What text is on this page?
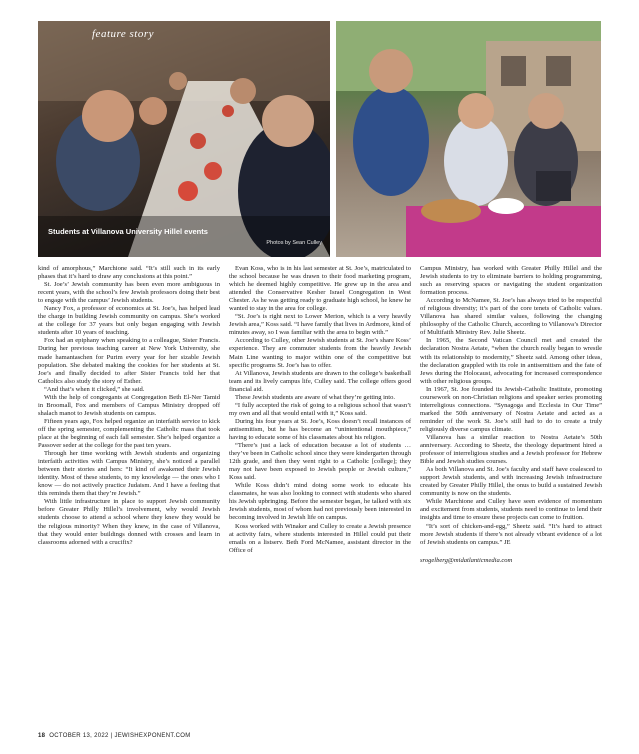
feature story
Students at Villanova University Hillel events
Photos by Sean Culley

kind of amorphous,” Marchione said. “It’s still such in its early phases that it’s hard to draw any conclusions at this point.”

St. Joe’s’ Jewish community has been even more ambiguous in recent years, with the school’s few Jewish professors doing their best to engage with the campus’ Jewish students.

Nancy Fox, a professor of economics at St. Joe’s, has helped lead the charge in building Jewish community on campus. She’s worked at the college for 37 years but only began engaging with Jewish students after 10 years of teaching.

Fox had an epiphany when speaking to a colleague, Sister Francis. During her previous teaching career at New York University, she made hamantaschen for Purim every year for her sizable Jewish population. She debated making the cookies for her students at St. Joe’s and finally decided to after Sister Francis told her that Catholics also study the story of Esther.

“And that’s when it clicked,” she said.

With the help of congregants at Congregation Beth El-Ner Tamid in Broomall, Fox and members of Campus Ministry dropped off shalach manot to Jewish students on campus.

Fifteen years ago, Fox helped organize an interfaith service to kick off the spring semester, complementing the Catholic mass that took place at the beginning of each fall semester. She’s helped organize a Passover seder at the college for the past ten years.

Through her time working with Jewish students and organizing interfaith activities with Campus Ministry, she’s noticed a parallel between their stories and hers: “It kind of awakened their Jewish identity. Most of these students, to my knowledge — the ones who I know — do not actively practice Judaism. And I have a feeling that this reminds them that they’re Jewish.”

With little infrastructure in place to support Jewish community before Greater Philly Hillel’s involvement, why would Jewish students choose to attend a school where they knew they would be the religious minority? When they knew, in the case of Villanova, that they would enter buildings donned with crosses and learn in classrooms adorned with a crucifix?

Evan Koss, who is in his last semester at St. Joe’s, matriculated to the school because he was drawn to their food marketing program, which he deemed highly competitive. He grew up in the area and attended the Conservative Kesher Israel Congregation in West Chester. As he was getting ready to graduate high school, he knew he wanted to stay in the area for college.

“St. Joe’s is right next to Lower Merion, which is a very heavily Jewish area,” Koss said. “I have family that lives in Ardmore, kind of minutes away, so I was familiar with the area to begin with.”

According to Culley, other Jewish students at St. Joe’s share Koss’ experience. They are commuter students from the heavily Jewish Main Line wanting to major within one of the competitive but specific programs St. Joe’s has to offer.

At Villanova, Jewish students are drawn to the college’s basketball team and its lively campus life, Culley said. The college offers good financial aid.

These Jewish students are aware of what they’re getting into.

“I fully accepted the risk of going to a religious school that wasn’t my own and all that would entail with it,” Koss said.

During his four years at St. Joe’s, Koss doesn’t recall instances of antisemitism, but he has become an “unintentional mouthpiece,” having to educate some of his classmates about his religion.

“There’s just a lack of education because a lot of students … they’ve been in Catholic school since they were kindergarten through 12th grade, and then they went right to a Catholic [college]; they may not have been exposed to Jewish people or Jewish culture,” Koss said.

While Koss didn’t mind doing some work to educate his classmates, he was also looking to connect with students who shared his Jewish upbringing. Before the semester began, he talked with six Jewish students, most of whom had not previously been interested in becoming involved in Jewish life on campus.

Koss worked with Winaker and Culley to create a Jewish presence at activity fairs, where students interested in Hillel could put their emails on a listserv. Beth Ford McNamee, assistant director in the Office of

Campus Ministry, has worked with Greater Philly Hillel and the Jewish students to try to eliminate barriers to holding programming, such as reserving spaces or navigating the student organization formation process.

According to McNamee, St. Joe’s has always tried to be respectful of religious diversity; it’s part of the core tenets of Catholic values. Villanova has shared similar values, following the changing philosophy of the Catholic Church, according to Villanova’s Director of Multifaith Ministry Rev. Julie Sheetz.

In 1965, the Second Vatican Council met and created the declaration Nostra Aetate, “when the church really began to wrestle with its relationship to modernity,” Sheetz said. Among other ideas, the declaration grappled with its role in antisemitism and the fate of Jews during the Holocaust, advocating for increased correspondence with other religious groups.

In 1967, St. Joe founded its Jewish-Catholic Institute, promoting coursework on non-Christian religions and speaker series promoting interreligious connections. “Synagoga and Ecclesia in Our Time” marked the 50th anniversary of Nostra Aetate and acted as a reminder of the work St. Joe’s still had to do to create a truly religiously diverse campus climate.

Villanova has a similar reaction to Nostra Aetate’s 50th anniversary. According to Sheetz, the theology department hired a professor of interreligious studies and a Jewish professor for Hebrew Bible and Jewish studies courses.

As both Villanova and St. Joe’s faculty and staff have coalesced to support Jewish students, and with increasing Jewish infrastructure created by Greater Philly Hillel, the onus to build a sustained Jewish community is now on the students.

While Marchione and Culley have seen evidence of momentum and excitement from students, students need to continue to lend their insights and time to ensure these projects can come to fruition.

“It’s sort of chicken-and-egg,” Sheetz said. “It’s hard to attract more Jewish students if there’s not already vibrant evidence of a lot of Jewish students on campus.” JE

srogelberg@midatlanticmedia.com

18 OCTOBER 13, 2022 | JEWISHEXPONENT.COM
